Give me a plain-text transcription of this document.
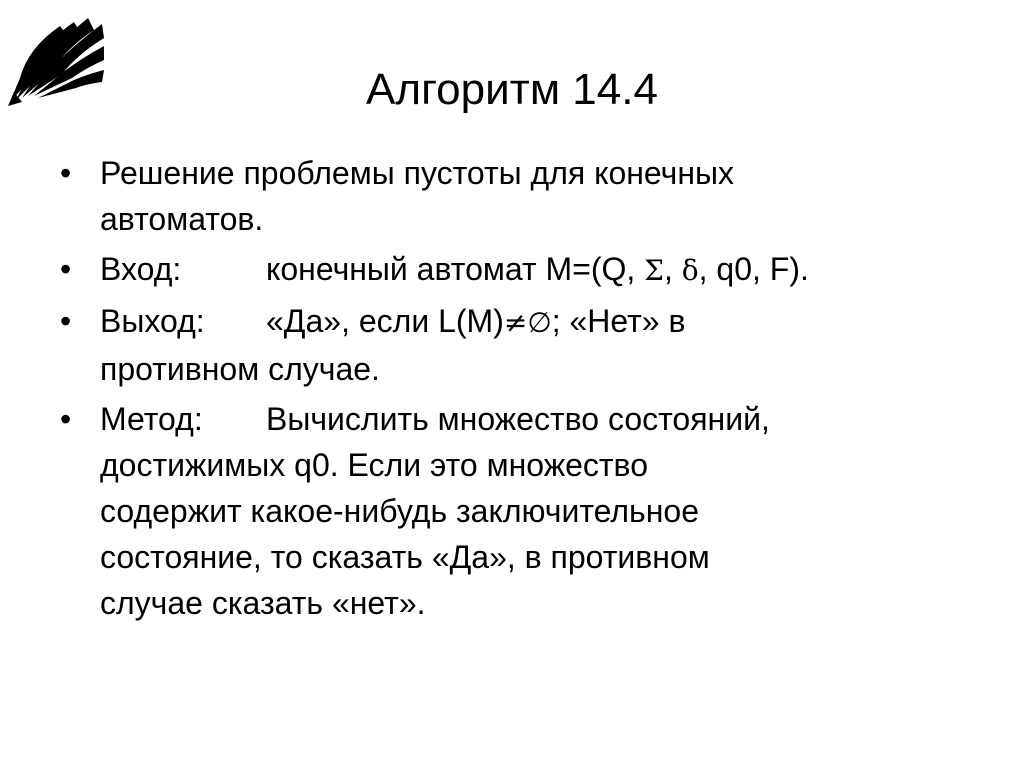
Алгоритм 14.4
• Решение проблемы пустоты для конечных
автоматов.
• Вход:	конечный автомат M=(Q, Σ, δ, q0, F).
• Выход: «Да», если L(M)≠∅; «Нет» в
противном случае.
• Метод: Вычислить множество состояний,
достижимых q0. Если это множество
содержит какое-нибудь заключительное
состояние, то сказать «Да», в противном
случае сказать «нет».
